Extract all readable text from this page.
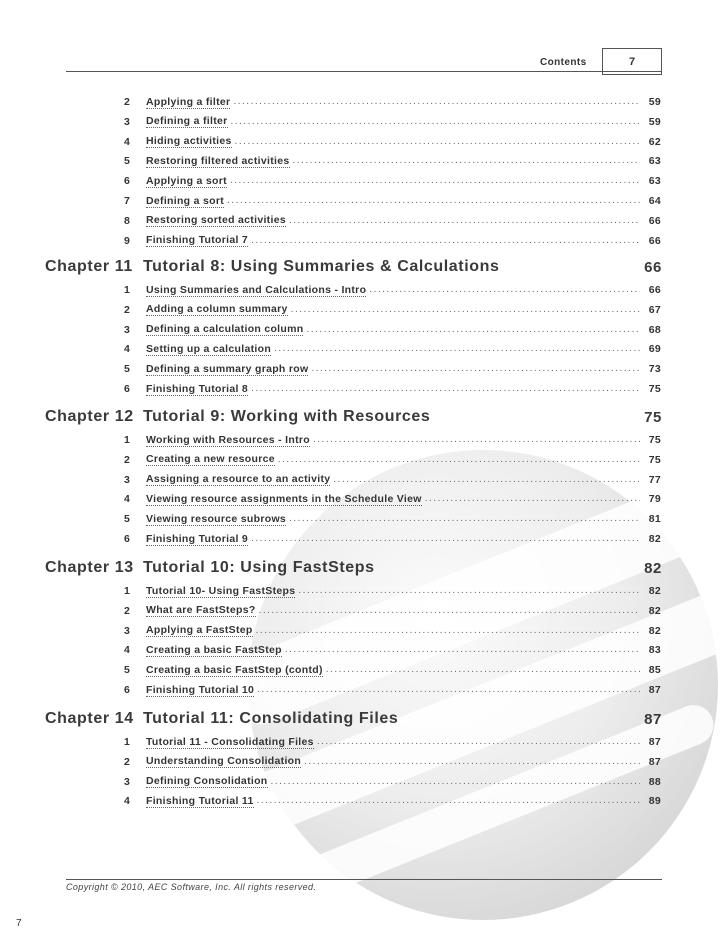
Contents	7
2	Applying a filter .....	59
3	Defining a filter .....	59
4	Hiding activities .....	62
5	Restoring filtered activities .....	63
6	Applying a sort .....	63
7	Defining a sort .....	64
8	Restoring sorted activities .....	66
9	Finishing Tutorial 7 .....	66
Chapter 11 Tutorial 8: Using Summaries & Calculations	66
1	Using Summaries and Calculations - Intro .....	66
2	Adding a column summary .....	67
3	Defining a calculation column .....	68
4	Setting up a calculation .....	69
5	Defining a summary graph row .....	73
6	Finishing Tutorial 8 .....	75
Chapter 12 Tutorial 9: Working with Resources	75
1	Working with Resources - Intro .....	75
2	Creating a new resource .....	75
3	Assigning a resource to an activity .....	77
4	Viewing resource assignments in the Schedule View .....	79
5	Viewing resource subrows .....	81
6	Finishing Tutorial 9 .....	82
Chapter 13 Tutorial 10: Using FastSteps	82
1	Tutorial 10- Using FastSteps .....	82
2	What are FastSteps? .....	82
3	Applying a FastStep .....	82
4	Creating a basic FastStep .....	83
5	Creating a basic FastStep (contd) .....	85
6	Finishing Tutorial 10 .....	87
Chapter 14 Tutorial 11: Consolidating Files	87
1	Tutorial 11 - Consolidating Files .....	87
2	Understanding Consolidation .....	87
3	Defining Consolidation .....	88
4	Finishing Tutorial 11 .....	89
Copyright © 2010, AEC Software, Inc. All rights reserved.
7
